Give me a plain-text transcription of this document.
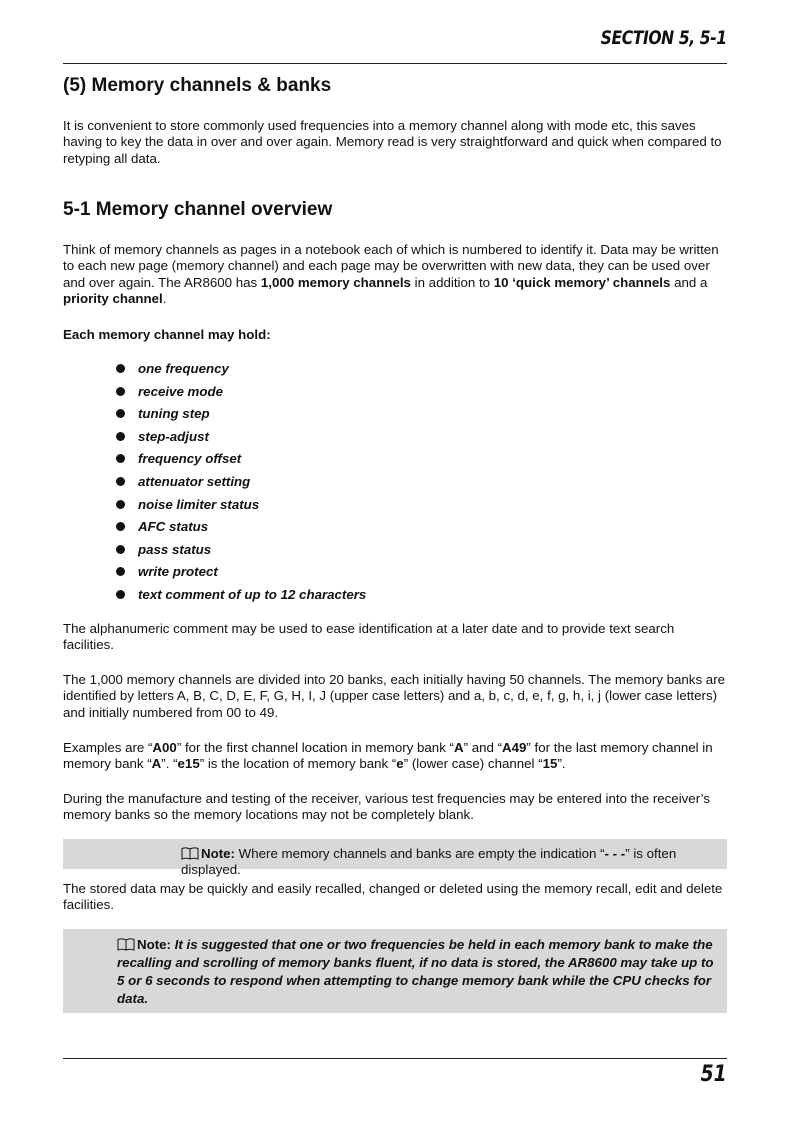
SECTION 5, 5-1
(5) Memory channels & banks

It is convenient to store commonly used frequencies into a memory channel along with mode etc, this saves having to key the data in over and over again. Memory read is very straightforward and quick when compared to retyping all data.

5-1 Memory channel overview

Think of memory channels as pages in a notebook each of which is numbered to identify it. Data may be written to each new page (memory channel) and each page may be overwritten with new data, they can be used over and over again. The AR8600 has 1,000 memory channels in addition to 10 ‘quick memory’ channels and a priority channel.

Each memory channel may hold:

one frequency
receive mode
tuning step
step-adjust
frequency offset
attenuator setting
noise limiter status
AFC status
pass status
write protect
text comment of up to 12 characters

The alphanumeric comment may be used to ease identification at a later date and to provide text search facilities.

The 1,000 memory channels are divided into 20 banks, each initially having 50 channels. The memory banks are identified by letters A, B, C, D, E, F, G, H, I, J (upper case letters) and a, b, c, d, e, f, g, h, i, j (lower case letters) and initially numbered from 00 to 49.

Examples are “A00” for the first channel location in memory bank “A” and “A49” for the last memory channel in memory bank “A”. “e15” is the location of memory bank “e” (lower case) channel “15”.

During the manufacture and testing of the receiver, various test frequencies may be entered into the receiver’s memory banks so the memory locations may not be completely blank.

Note: Where memory channels and banks are empty the indication “- - -” is often displayed.

The stored data may be quickly and easily recalled, changed or deleted using the memory recall, edit and delete facilities.

Note: It is suggested that one or two frequencies be held in each memory bank to make the recalling and scrolling of memory banks fluent, if no data is stored, the AR8600 may take up to 5 or 6 seconds to respond when attempting to change memory bank while the CPU checks for data.
51
